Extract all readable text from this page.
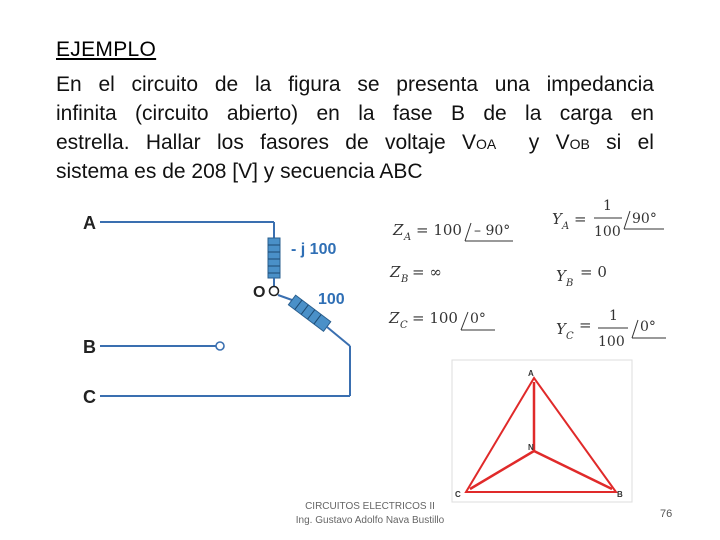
EJEMPLO
En el circuito de la figura se presenta una impedancia
infinita (circuito abierto) en la fase B de la carga en
estrella. Hallar los fasores de voltaje VOA  y VOB si el
sistema es de 208 [V] y secuencia ABC
A
B
C
O
- j 100
100
Z A = 100 – 90°
Z B = ∞
Z C = 100 0°
Y A =
1
100
90°
Y B
= 0
Y C
= 1
100
0°
A
N
C	B
CIRCUITOS ELECTRICOS II
Ing. Gustavo Adolfo Nava Bustillo
76
